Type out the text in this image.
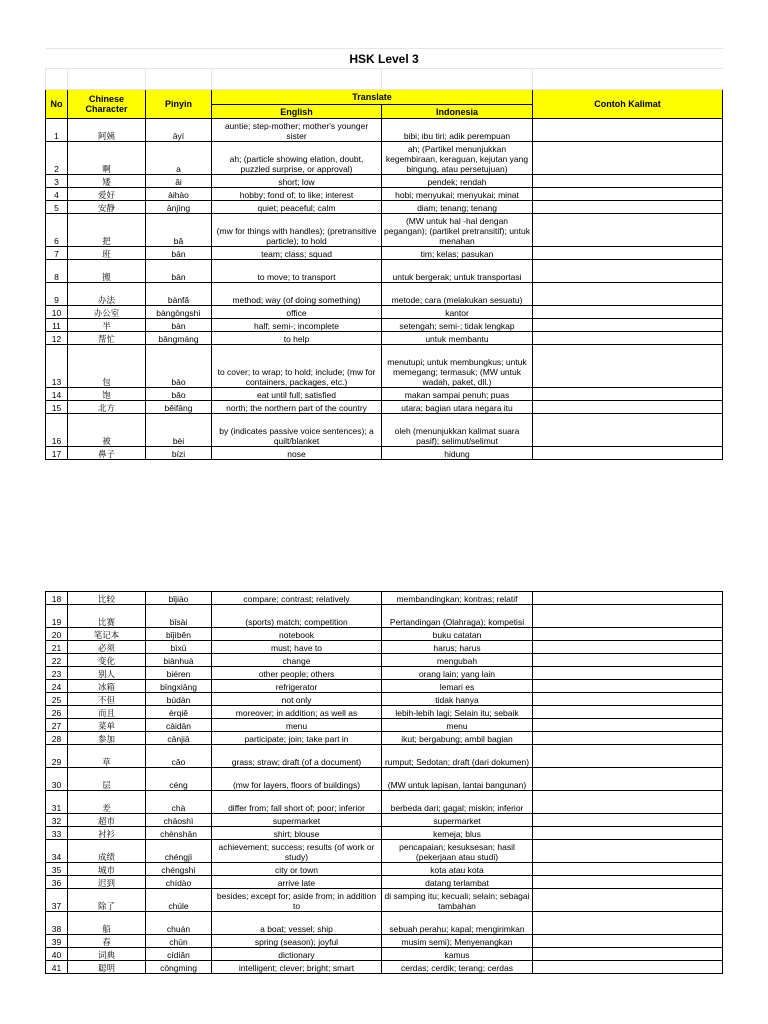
HSK Level 3					

No	Chinese Character	Pinyin	Translate		Contoh Kalimat
			English	Indonesia	
1	阿姨	āyí	auntie; step-mother; mother's younger sister	bibi; ibu tiri; adik perempuan	
2	啊	a	ah; (particle showing elation, doubt, puzzled surprise, or approval)	ah; (Partikel menunjukkan kegembiraan, keraguan, kejutan yang bingung, atau persetujuan)	
3	矮	ǎi	short; low	pendek; rendah	
4	爱好	àihào	hobby; fond of; to like; interest	hobi; menyukai; menyukai; minat	
5	安静	ānjìng	quiet; peaceful; calm	diam; tenang; tenang	
6	把	bǎ	(mw for things with handles); (pretransitive particle); to hold	(MW untuk hal -hal dengan pegangan); (partikel pretransitif); untuk menahan	
7	班	bān	team; class; squad	tim; kelas; pasukan	
8	搬	bān	to move; to transport	untuk bergerak; untuk transportasi	
9	办法	bànfǎ	method; way (of doing something)	metode; cara (melakukan sesuatu)	
10	办公室	bàngōngshì	office	kantor	
11	半	bàn	half; semi-; incomplete	setengah; semi-; tidak lengkap	
12	帮忙	bāngmáng	to help	untuk membantu	
13	包	bāo	to cover; to wrap; to hold; include; (mw for containers, packages, etc.)	menutupi; untuk membungkus; untuk memegang; termasuk; (MW untuk wadah, paket, dll.)	
14	饱	bǎo	eat until full; satisfied	makan sampai penuh; puas	
15	北方	běifāng	north; the northern part of the country	utara; bagian utara negara itu	
16	被	bèi	by (indicates passive voice sentences); a quilt/blanket	oleh (menunjukkan kalimat suara pasif); selimut/selimut	
17	鼻子	bízi	nose	hidung	
18	比较	bǐjiào	compare; contrast; relatively	membandingkan; kontras; relatif	
19	比赛	bǐsài	(sports) match; competition	Pertandingan (Olahraga); kompetisi	
20	笔记本	bǐjìběn	notebook	buku catatan	
21	必须	bìxū	must; have to	harus; harus	
22	变化	biànhuà	change	mengubah	
23	别人	biéren	other people; others	orang lain; yang lain	
24	冰箱	bīngxiāng	refrigerator	lemari es	
25	不但	búdàn	not only	tidak hanya	
26	而且	érqiě	moreover; in addition; as well as	lebih-lebih lagi; Selain itu; sebaik	
27	菜单	càidān	menu	menu	
28	参加	cānjiā	participate; join; take part in	ikut; bergabung; ambil bagian	
29	草	cǎo	grass; straw; draft (of a document)	rumput; Sedotan; draft (dari dokumen)	
30	层	céng	(mw for layers, floors of buildings)	(MW untuk lapisan, lantai bangunan)	
31	差	chà	differ from; fall short of; poor; inferior	berbeda dari; gagal; miskin; inferior	
32	超市	chāoshì	supermarket	supermarket	
33	衬衫	chènshān	shirt; blouse	kemeja; blus	
34	成绩	chéngjì	achievement; success; results (of work or study)	pencapaian; kesuksesan; hasil (pekerjaan atau studi)	
35	城市	chéngshì	city or town	kota atau kota	
36	迟到	chídào	arrive late	datang terlambat	
37	除了	chúle	besides; except for; aside from; in addition to	di samping itu; kecuali; selain; sebagai tambahan	
38	船	chuán	a boat; vessel; ship	sebuah perahu; kapal; mengirimkan	
39	春	chūn	spring (season); joyful	musim semi); Menyenangkan	
40	词典	cídiǎn	dictionary	kamus	
41	聪明	cōngming	intelligent; clever; bright; smart	cerdas; cerdik; terang; cerdas	
